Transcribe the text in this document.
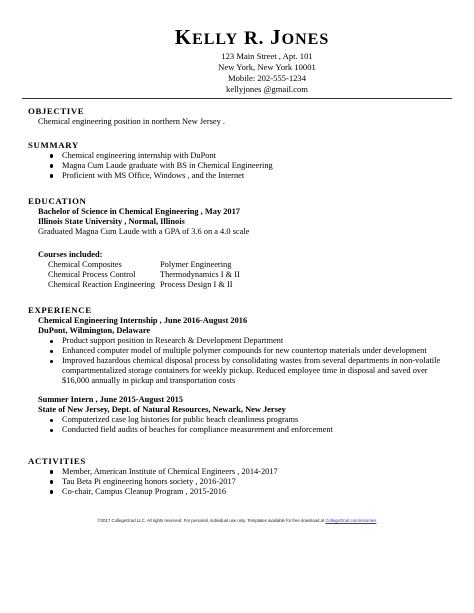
KELLY R. JONES
123 Main Street , Apt. 101
New York, New York 10001
Mobile: 202-555-1234
kellyjones @gmail.com
OBJECTIVE
Chemical engineering position in northern New Jersey .
SUMMARY
Chemical engineering internship with DuPont
Magna Cum Laude graduate with BS in Chemical Engineering
Proficient with MS Office, Windows , and the Internet
EDUCATION
Bachelor of Science in Chemical Engineering , May 2017
Illinois State University , Normal, Illinois
Graduated Magna Cum Laude with a GPA of 3.6 on a 4.0 scale
Courses included:
Chemical Composites
Chemical Process Control
Chemical Reaction Engineering
Polymer Engineering
Thermodynamics I & II
Process Design I & II
EXPERIENCE
Chemical Engineering Internship , June 2016-August 2016
DuPont, Wilmington, Delaware
Product support position in Research & Development Department
Enhanced computer model of multiple polymer compounds for new countertop materials under development
Improved hazardous chemical disposal process by consolidating wastes from several departments in non-volatile compartmentalized storage containers for weekly pickup. Reduced employee time in disposal and saved over $16,000 annually in pickup and transportation costs
Summer Intern , June 2015-August 2015
State of New Jersey, Dept. of Natural Resources, Newark, New Jersey
Computerized case log histories for public beach cleanliness programs
Conducted field audits of beaches for compliance measurement and enforcement
ACTIVITIES
Member, American Institute of Chemical Engineers , 2014-2017
Tau Beta Pi engineering honors society , 2016-2017
Co-chair, Campus Cleanup Program , 2015-2016
©2017 CollegeGrad LLC. All rights reserved. For personal, individual use only. Templates available for free download at CollegeGrad.com/resumes
